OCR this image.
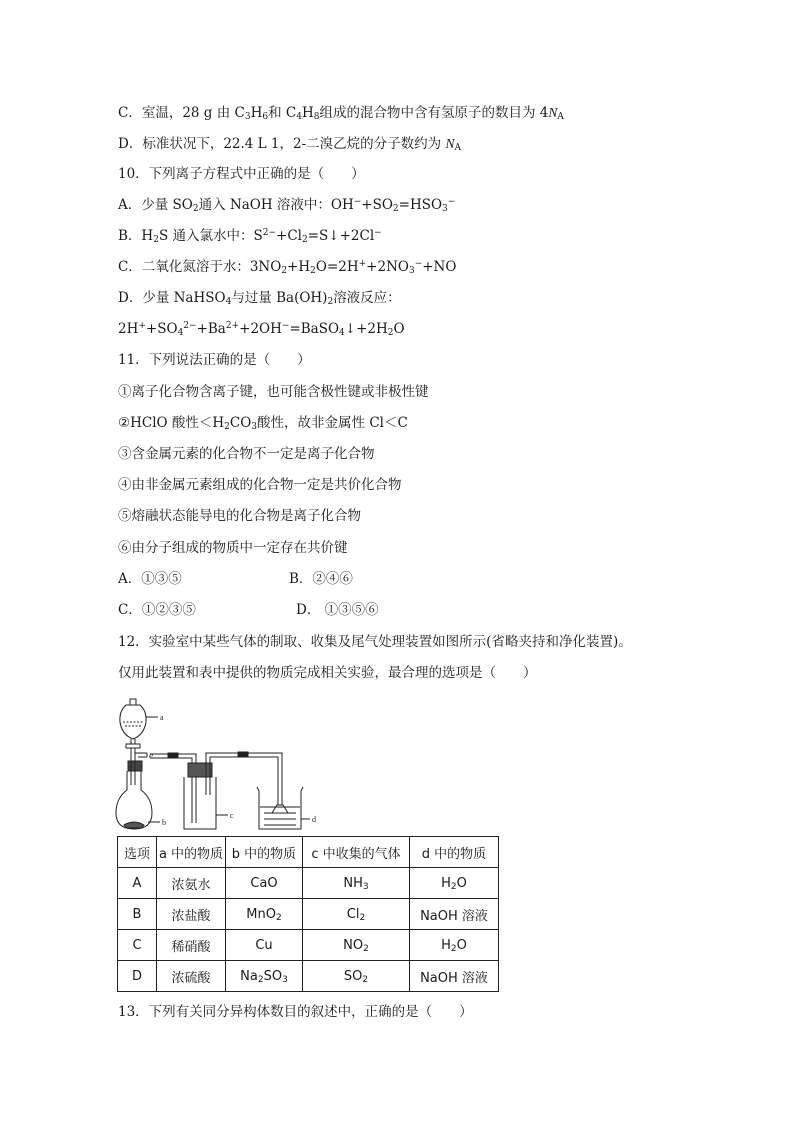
C．室温，28 g 由 $C_3H_6$和 $C_4H_8$组成的混合物中含有氢原子的数目为 $4N_A$
D．标准状况下，22.4 L 1，2-二溴乙烷的分子数约为 $N_A$
10．下列离子方程式中正确的是（　　）
A．少量 $SO_2$通入 NaOH 溶液中：$OH^-+SO_2=HSO_3^-$
B．$H_2S$ 通入氯水中：$S^{2-}+Cl_2=S↓+2Cl^-$
C．二氧化氮溶于水：$3NO_2+H_2O=2H^++2NO_3^-+NO$
D．少量 NaHSO$_4$与过量 $Ba(OH)_2$溶液反应：
$2H^++SO_4^{2-}+Ba^{2+}+2OH^-=BaSO_4↓+2H_2O$
11．下列说法正确的是（　　）
①离子化合物含离子键，也可能含极性键或非极性键
②HClO 酸性$<H_2CO_3$酸性，故非金属性 Cl＜C
③含金属元素的化合物不一定是离子化合物
④由非金属元素组成的化合物一定是共价化合物
⑤熔融状态能导电的化合物是离子化合物
⑥由分子组成的物质中一定存在共价键
A．①③⑤	B．②④⑥
C．①②③⑤	D． ①③⑤⑥
12．实验室中某些气体的制取、收集及尾气处理装置如图所示(省略夹持和净化装置)。
仅用此装置和表中提供的物质完成相关实验，最合理的选项是（　　）
a
ℯ
b
c	d
选项	a 中的物质	b 中的物质	c 中收集的气体	d 中的物质
A	浓氨水	CaO	$NH_3$	$H_2O$
B	浓盐酸	MnO$_2$	$Cl_2$	NaOH 溶液
C	稀硝酸	Cu	$NO_2$	$H_2O$
D	浓硫酸	$Na_2SO_3$	$SO_2$	NaOH 溶液
13．下列有关同分异构体数目的叙述中，正确的是（　　）
